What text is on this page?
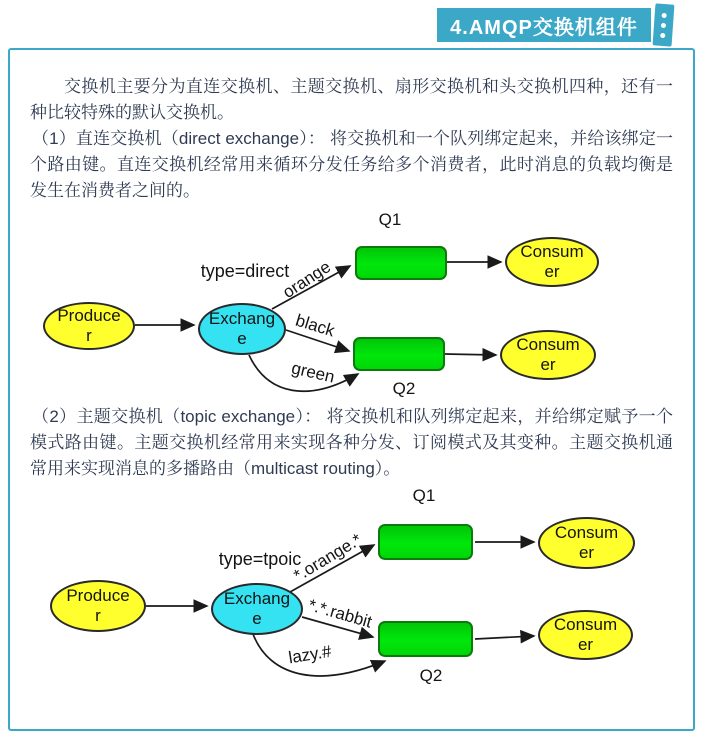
4.AMQP交换机组件

交换机主要分为直连交换机、主题交换机、扇形交换机和头交换机四种，还有一种比较特殊的默认交换机。

（1）直连交换机（direct exchange）： 将交换机和一个队列绑定起来，并给该绑定一个路由键。直连交换机经常用来循环分发任务给多个消费者，此时消息的负载均衡是发生在消费者之间的。

Q1
Q2
type=direct
orange
black
green
Produce
r
Exchang
e
Consum
er
Consum
er

（2）主题交换机（topic exchange）： 将交换机和队列绑定起来，并给绑定赋予一个模式路由键。主题交换机经常用来实现各种分发、订阅模式及其变种。主题交换机通常用来实现消息的多播路由（multicast routing）。

Q1
Q2
type=tpoic
*.orange.*
*.*.rabbit
lazy.#
Produce
r
Exchang
e
Consum
er
Consum
er
